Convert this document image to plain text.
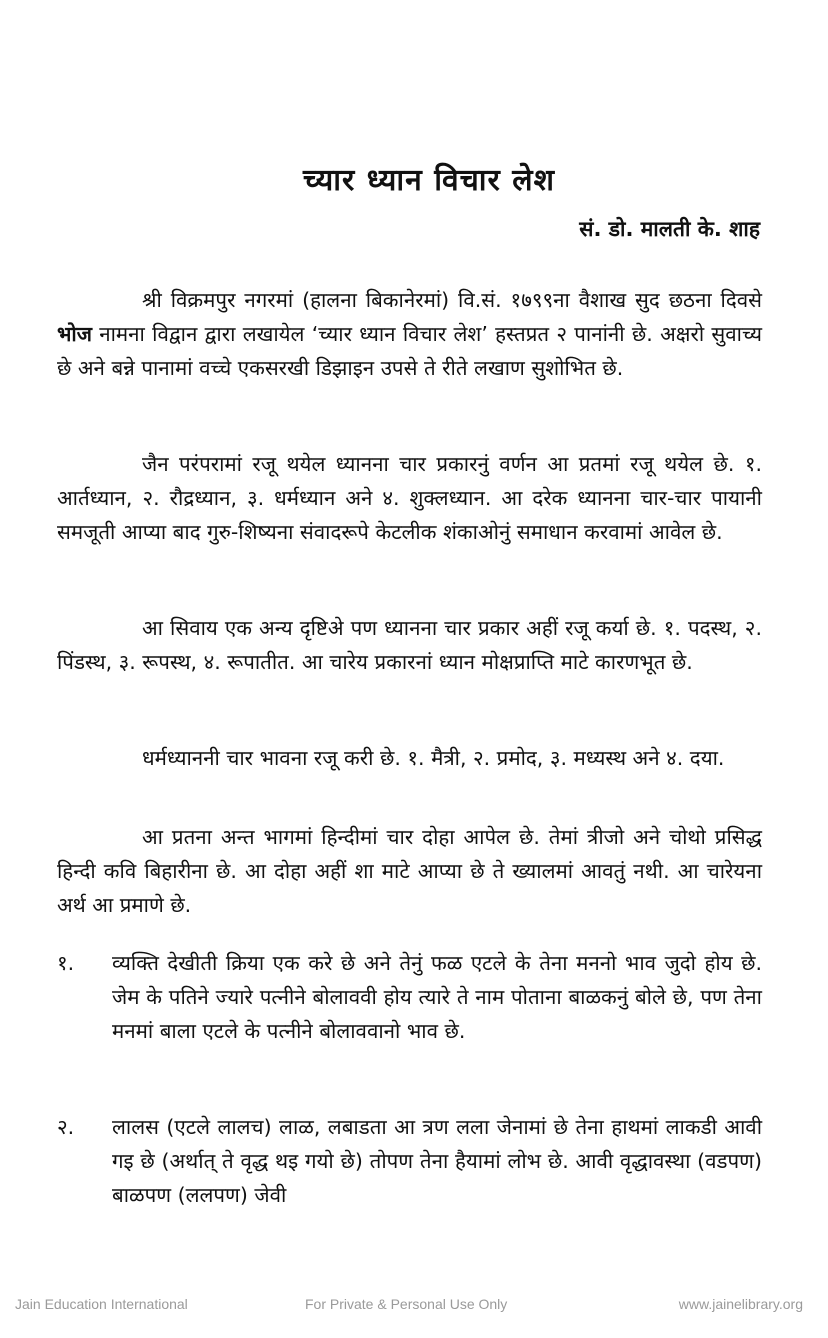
च्यार ध्यान विचार लेश
सं. डो. मालती के. शाह
श्री विक्रमपुर नगरमां (हालना बिकानेरमां) वि.सं. १७९९ना वैशाख सुद छठना दिवसे भोज नामना विद्वान द्वारा लखायेल ‘च्यार ध्यान विचार लेश’ हस्तप्रत २ पानांनी छे. अक्षरो सुवाच्य छे अने बन्ने पानामां वच्चे एकसरखी डिझाइन उपसे ते रीते लखाण सुशोभित छे.
जैन परंपरामां रजू थयेल ध्यानना चार प्रकारनुं वर्णन आ प्रतमां रजू थयेल छे. १. आर्तध्यान, २. रौद्रध्यान, ३. धर्मध्यान अने ४. शुक्लध्यान. आ दरेक ध्यानना चार-चार पायानी समजूती आप्या बाद गुरु-शिष्यना संवादरूपे केटलीक शंकाओनुं समाधान करवामां आवेल छे.
आ सिवाय एक अन्य दृष्टिअे पण ध्यानना चार प्रकार अहीं रजू कर्या छे. १. पदस्थ, २. पिंडस्थ, ३. रूपस्थ, ४. रूपातीत. आ चारेय प्रकारनां ध्यान मोक्षप्राप्ति माटे कारणभूत छे.
धर्मध्याननी चार भावना रजू करी छे. १. मैत्री, २. प्रमोद, ३. मध्यस्थ अने ४. दया.
आ प्रतना अन्त भागमां हिन्दीमां चार दोहा आपेल छे. तेमां त्रीजो अने चोथो प्रसिद्ध हिन्दी कवि बिहारीना छे. आ दोहा अहीं शा माटे आप्या छे ते ख्यालमां आवतुं नथी. आ चारेयना अर्थ आ प्रमाणे छे.
१.	व्यक्ति देखीती क्रिया एक करे छे अने तेनुं फळ एटले के तेना मननो भाव जुदो होय छे. जेम के पतिने ज्यारे पत्नीने बोलाववी होय त्यारे ते नाम पोताना बाळकनुं बोले छे, पण तेना मनमां बाला एटले के पत्नीने बोलाववानो भाव छे.
२.	लालस (एटले लालच) लाळ, लबाडता आ त्रण लला जेनामां छे तेना हाथमां लाकडी आवी गइ छे (अर्थात् ते वृद्ध थइ गयो छे) तोपण तेना हैयामां लोभ छे. आवी वृद्धावस्था (वडपण) बाळपण (ललपण) जेवी
Jain Education International	For Private & Personal Use Only	www.jainelibrary.org
